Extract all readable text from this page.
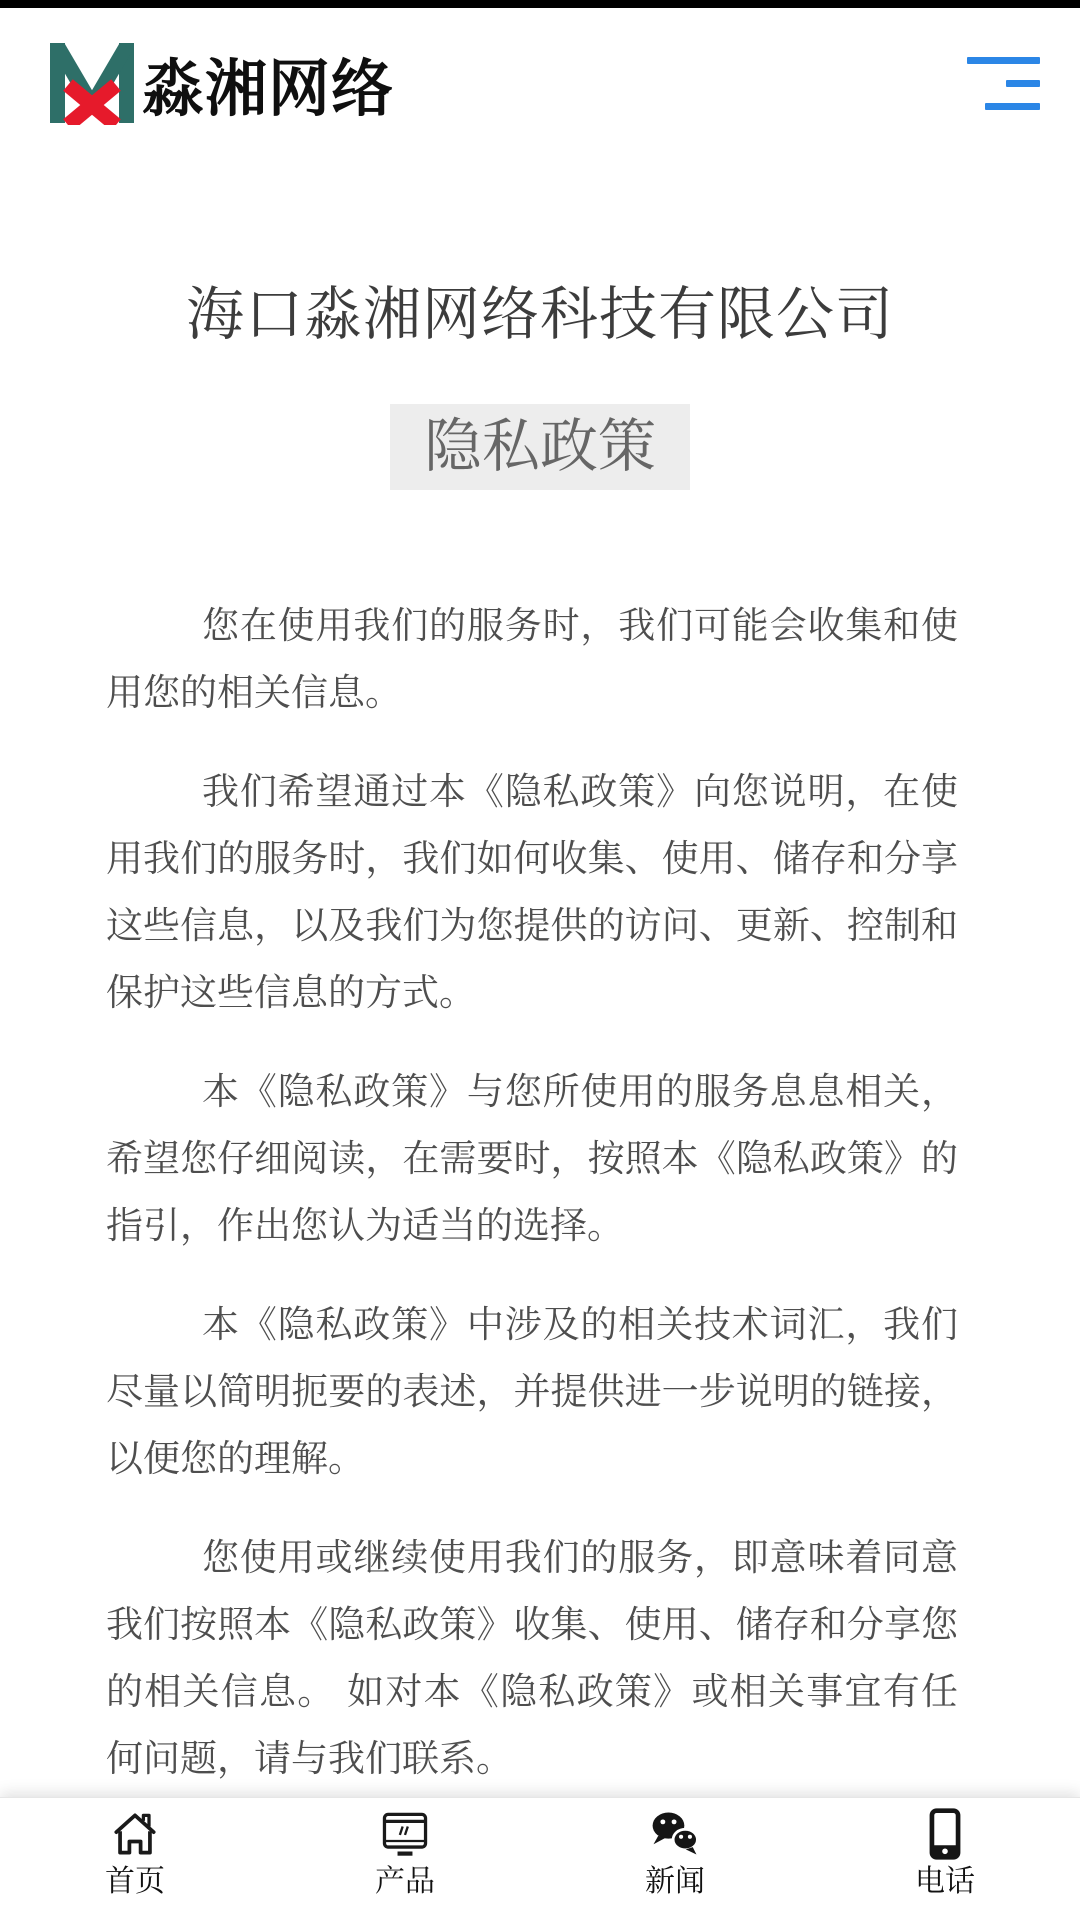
淼湘网络
海口淼湘网络科技有限公司
隐私政策

您在使用我们的服务时，我们可能会收集和使用您的相关信息。

我们希望通过本《隐私政策》向您说明，在使用我们的服务时，我们如何收集、使用、储存和分享这些信息，以及我们为您提供的访问、更新、控制和保护这些信息的方式。

本《隐私政策》与您所使用的服务息息相关，希望您仔细阅读，在需要时，按照本《隐私政策》的指引，作出您认为适当的选择。

本《隐私政策》中涉及的相关技术词汇，我们尽量以简明扼要的表述，并提供进一步说明的链接，以便您的理解。

您使用或继续使用我们的服务，即意味着同意我们按照本《隐私政策》收集、使用、储存和分享您的相关信息。 如对本《隐私政策》或相关事宜有任何问题，请与我们联系。

首页	产品	新闻	电话
